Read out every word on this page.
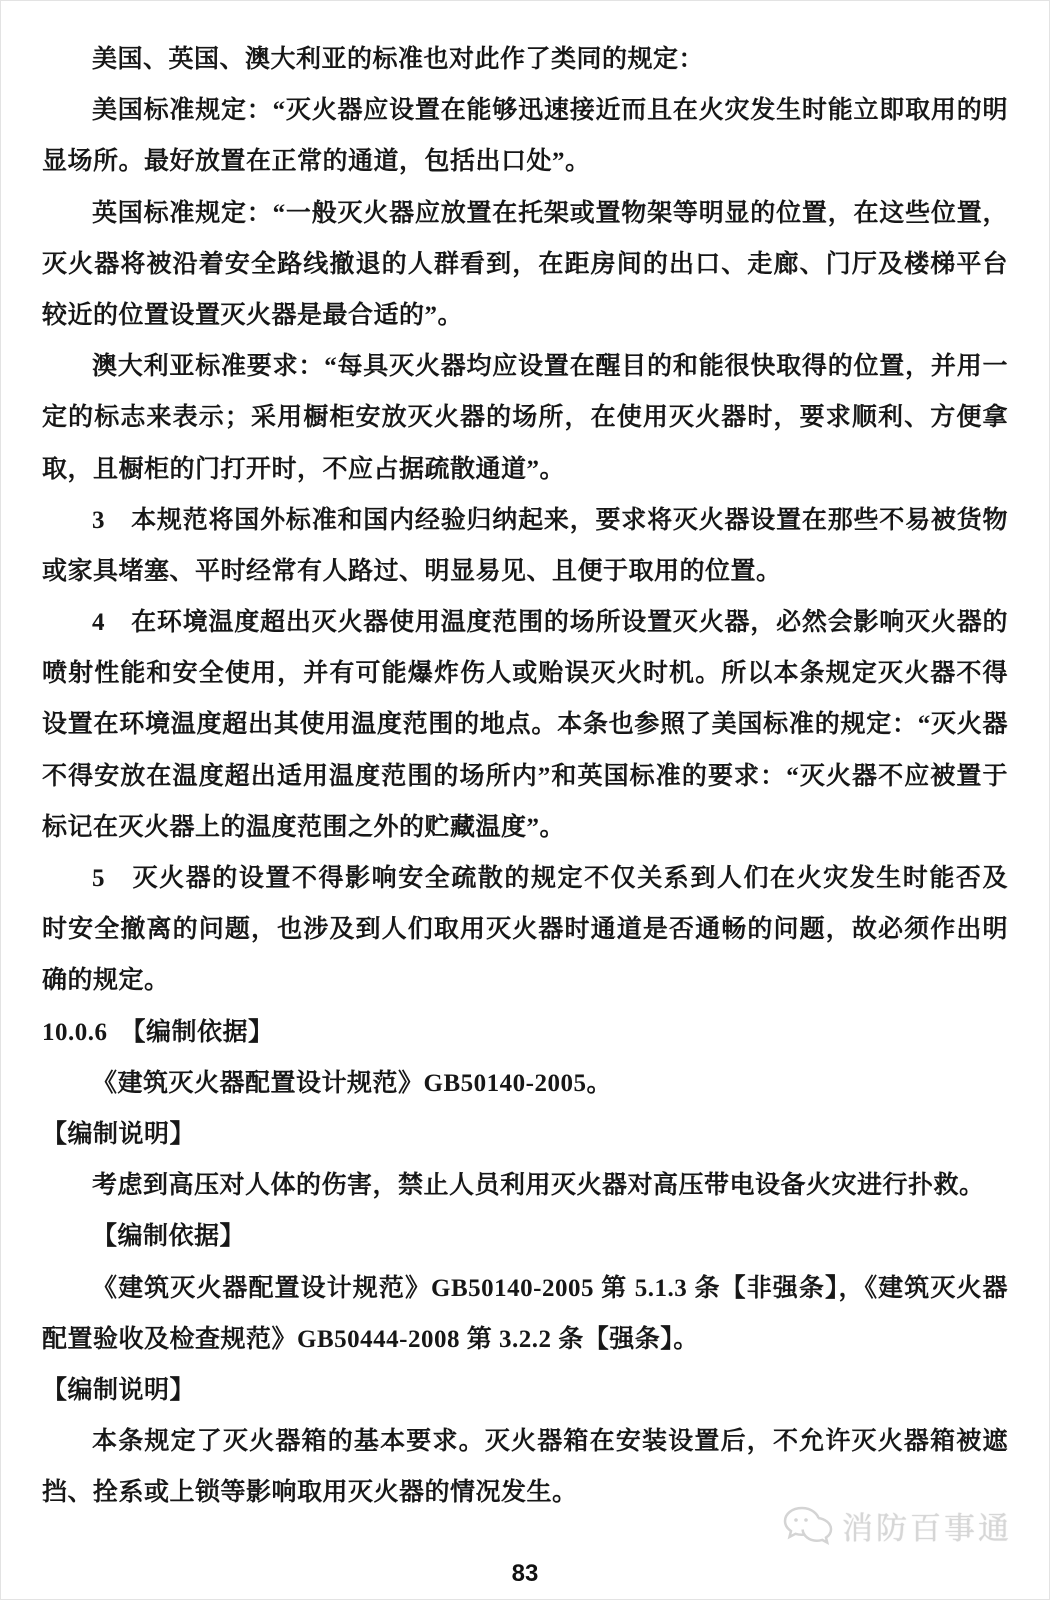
美国、英国、澳大利亚的标准也对此作了类同的规定：
美国标准规定：“灭火器应设置在能够迅速接近而且在火灾发生时能立即取用的明
显场所。最好放置在正常的通道，包括出口处”。
英国标准规定：“一般灭火器应放置在托架或置物架等明显的位置，在这些位置，
灭火器将被沿着安全路线撤退的人群看到，在距房间的出口、走廊、门厅及楼梯平台
较近的位置设置灭火器是最合适的”。
澳大利亚标准要求：“每具灭火器均应设置在醒目的和能很快取得的位置，并用一
定的标志来表示；采用橱柜安放灭火器的场所，在使用灭火器时，要求顺利、方便拿
取，且橱柜的门打开时，不应占据疏散通道”。
3　本规范将国外标准和国内经验归纳起来，要求将灭火器设置在那些不易被货物
或家具堵塞、平时经常有人路过、明显易见、且便于取用的位置。
4　在环境温度超出灭火器使用温度范围的场所设置灭火器，必然会影响灭火器的
喷射性能和安全使用，并有可能爆炸伤人或贻误灭火时机。所以本条规定灭火器不得
设置在环境温度超出其使用温度范围的地点。本条也参照了美国标准的规定：“灭火器
不得安放在温度超出适用温度范围的场所内”和英国标准的要求：“灭火器不应被置于
标记在灭火器上的温度范围之外的贮藏温度”。
5　灭火器的设置不得影响安全疏散的规定不仅关系到人们在火灾发生时能否及
时安全撤离的问题，也涉及到人们取用灭火器时通道是否通畅的问题，故必须作出明
确的规定。
10.0.6　【编制依据】
《建筑灭火器配置设计规范》GB50140-2005。
【编制说明】
考虑到高压对人体的伤害，禁止人员利用灭火器对高压带电设备火灾进行扑救。
【编制依据】
《建筑灭火器配置设计规范》GB50140-2005 第 5.1.3 条【非强条】，《建筑灭火器
配置验收及检查规范》GB50444-2008 第 3.2.2 条【强条】。
【编制说明】
本条规定了灭火器箱的基本要求。灭火器箱在安装设置后，不允许灭火器箱被遮
挡、拴系或上锁等影响取用灭火器的情况发生。
消防百事通
83
